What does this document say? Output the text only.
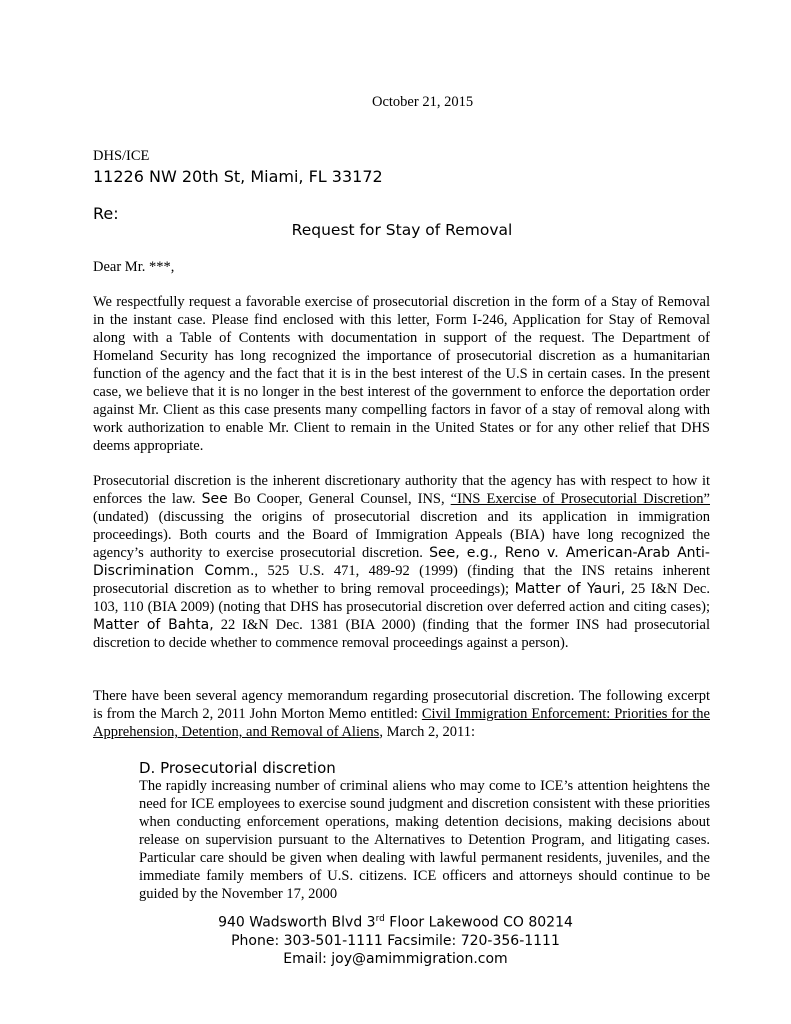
October 21, 2015
DHS/ICE
11226 NW 20th St, Miami, FL 33172
Re:
Request for Stay of Removal
Dear Mr. ***,

We respectfully request a favorable exercise of prosecutorial discretion in the form of a Stay of Removal in the instant case. Please find enclosed with this letter, Form I-246, Application for Stay of Removal along with a Table of Contents with documentation in support of the request. The Department of Homeland Security has long recognized the importance of prosecutorial discretion as a humanitarian function of the agency and the fact that it is in the best interest of the U.S in certain cases. In the present case, we believe that it is no longer in the best interest of the government to enforce the deportation order against Mr. Client as this case presents many compelling factors in favor of a stay of removal along with work authorization to enable Mr. Client to remain in the United States or for any other relief that DHS deems appropriate.

Prosecutorial discretion is the inherent discretionary authority that the agency has with respect to how it enforces the law. See Bo Cooper, General Counsel, INS, “INS Exercise of Prosecutorial Discretion” (undated) (discussing the origins of prosecutorial discretion and its application in immigration proceedings). Both courts and the Board of Immigration Appeals (BIA) have long recognized the agency’s authority to exercise prosecutorial discretion. See, e.g., Reno v. American-Arab Anti-Discrimination Comm., 525 U.S. 471, 489-92 (1999) (finding that the INS retains inherent prosecutorial discretion as to whether to bring removal proceedings); Matter of Yauri, 25 I&N Dec. 103, 110 (BIA 2009) (noting that DHS has prosecutorial discretion over deferred action and citing cases); Matter of Bahta, 22 I&N Dec. 1381 (BIA 2000) (finding that the former INS had prosecutorial discretion to decide whether to commence removal proceedings against a person).

There have been several agency memorandum regarding prosecutorial discretion. The following excerpt is from the March 2, 2011 John Morton Memo entitled: Civil Immigration Enforcement: Priorities for the Apprehension, Detention, and Removal of Aliens, March 2, 2011:

D. Prosecutorial discretion

The rapidly increasing number of criminal aliens who may come to ICE’s attention heightens the need for ICE employees to exercise sound judgment and discretion consistent with these priorities when conducting enforcement operations, making detention decisions, making decisions about release on supervision pursuant to the Alternatives to Detention Program, and litigating cases. Particular care should be given when dealing with lawful permanent residents, juveniles, and the immediate family members of U.S. citizens. ICE officers and attorneys should continue to be guided by the November 17, 2000

940 Wadsworth Blvd 3rd Floor Lakewood CO 80214
Phone: 303-501-1111 Facsimile: 720-356-1111
Email: joy@amimmigration.com
